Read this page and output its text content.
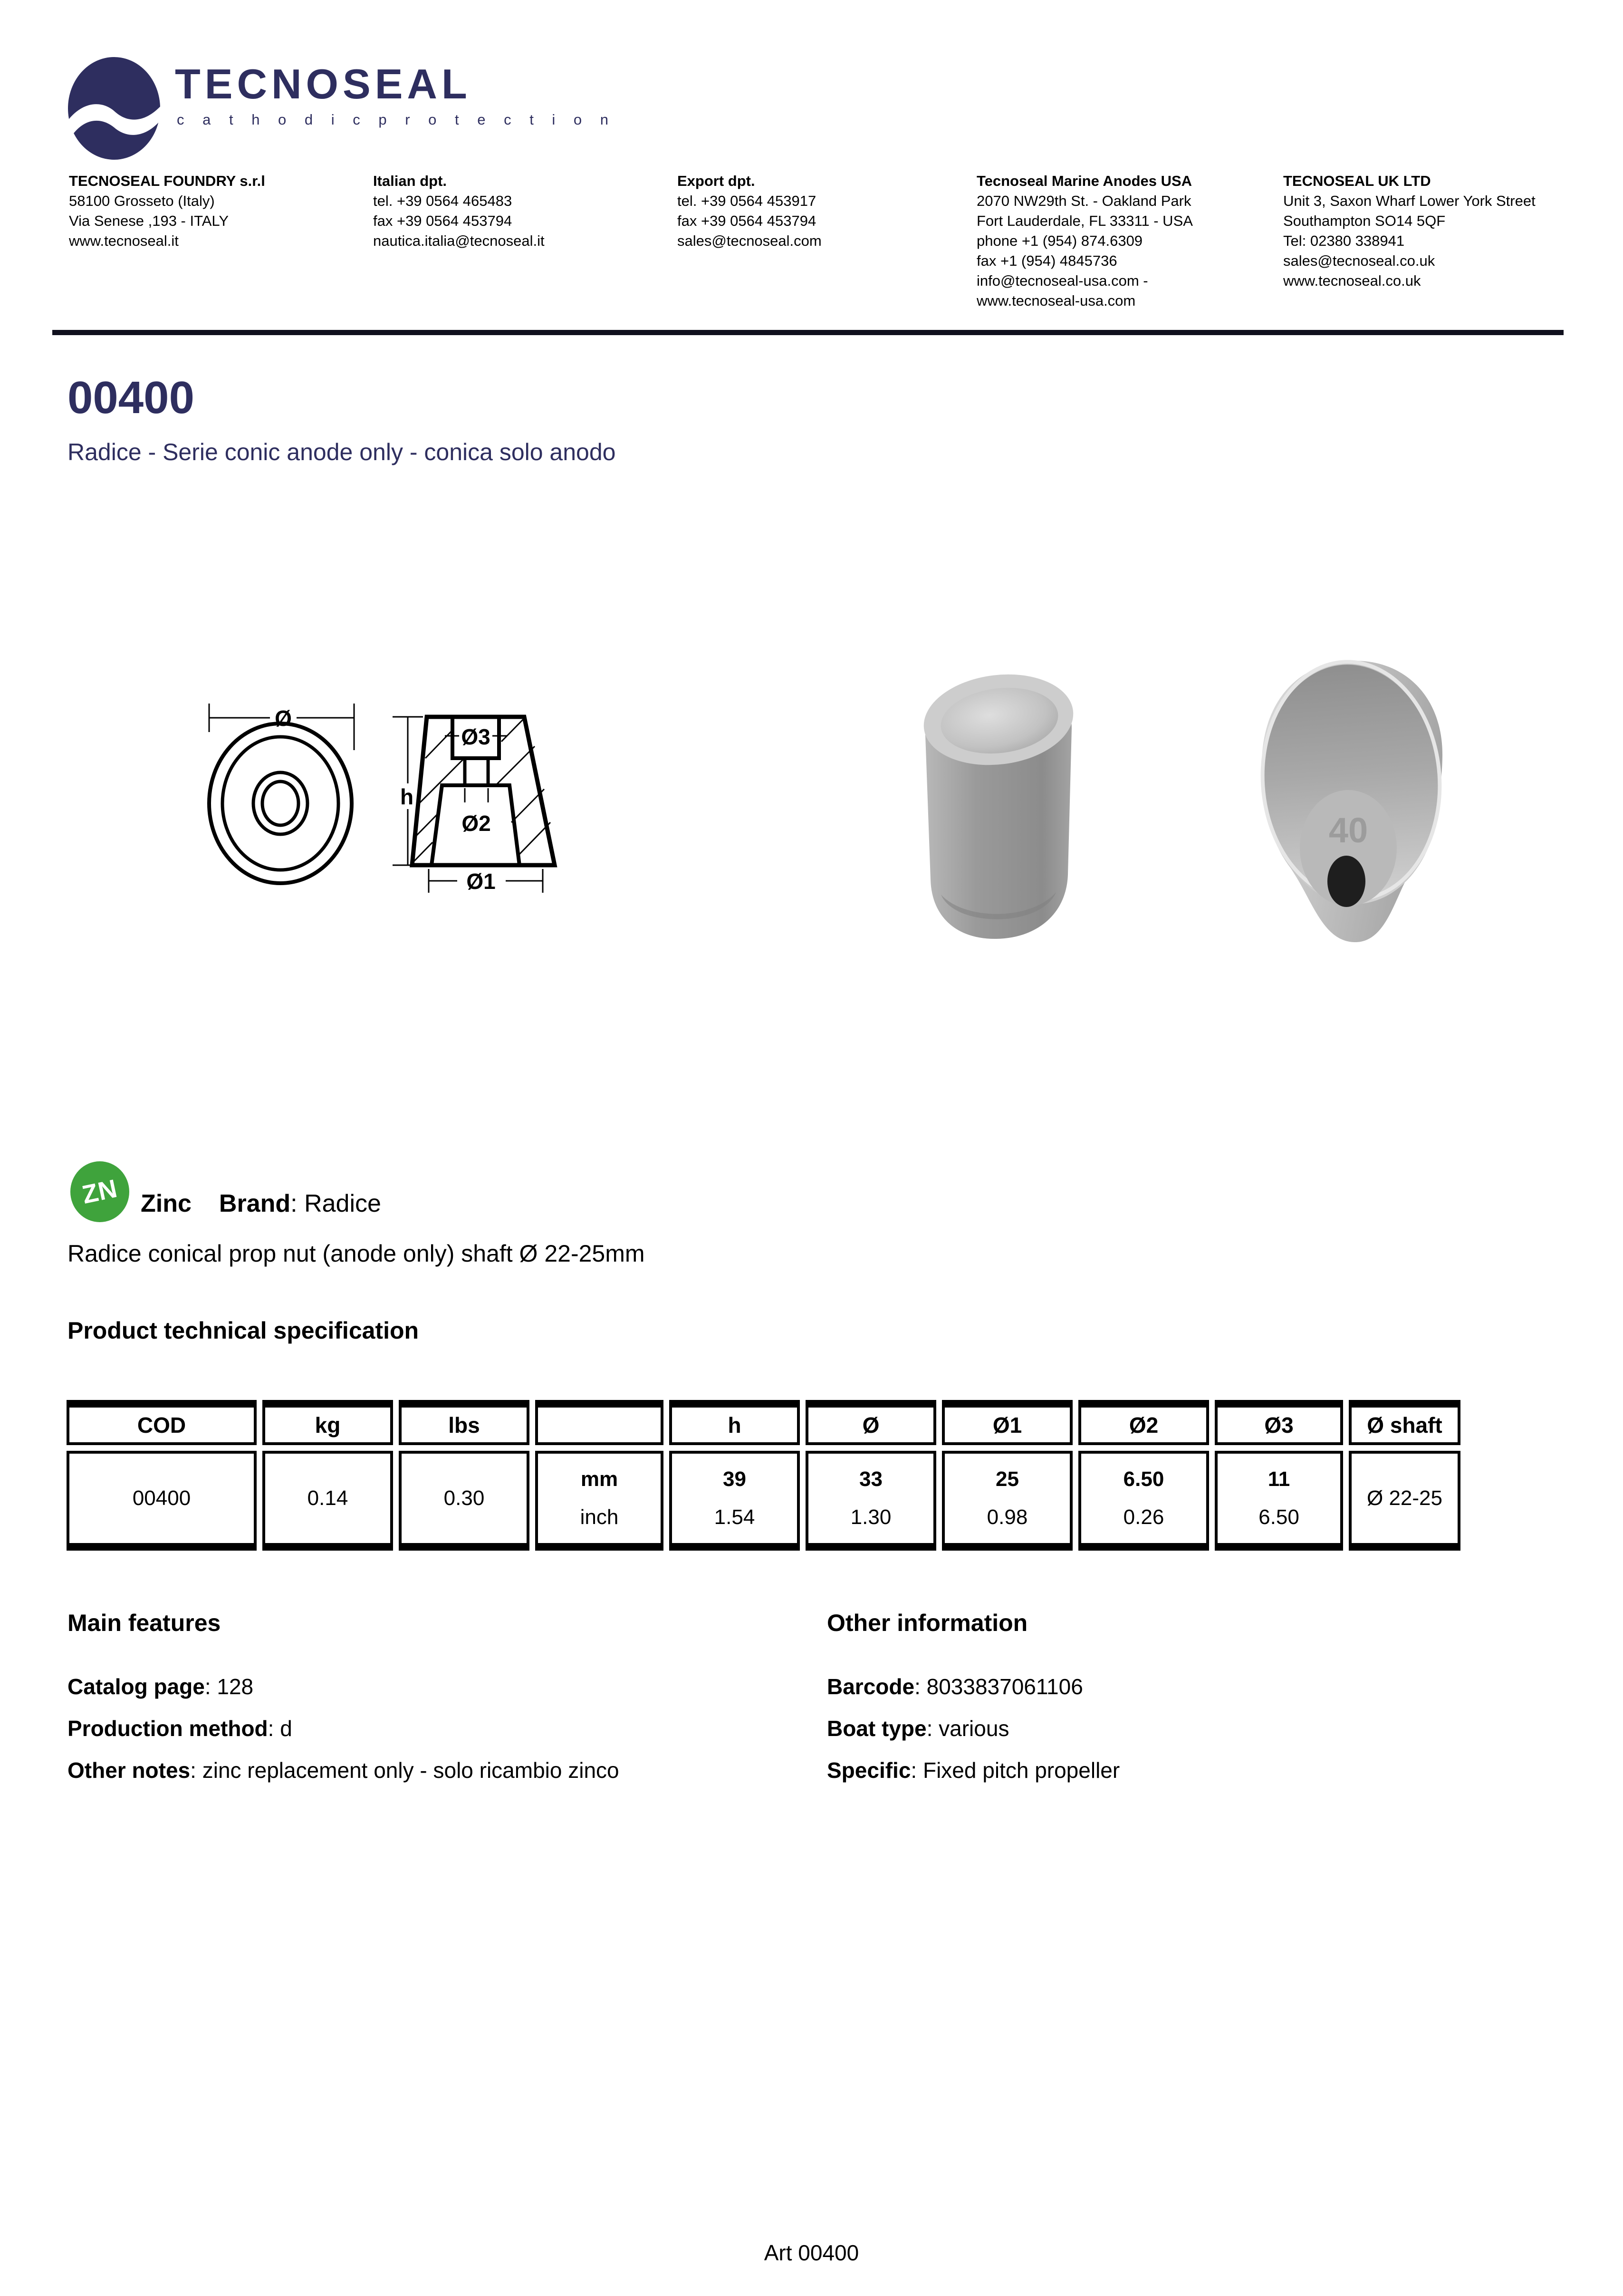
TECNOSEAL
c a t h o d i c p r o t e c t i o n
TECNOSEAL FOUNDRY s.r.l
58100 Grosseto (Italy)
Via Senese ,193 - ITALY
www.tecnoseal.it
Italian dpt.
tel. +39 0564 465483
fax +39 0564 453794
nautica.italia@tecnoseal.it
Export dpt.
tel. +39 0564 453917
fax +39 0564 453794
sales@tecnoseal.com
Tecnoseal Marine Anodes USA
2070 NW29th St. - Oakland Park
Fort Lauderdale, FL 33311 - USA
phone +1 (954) 874.6309
fax +1 (954) 4845736
info@tecnoseal-usa.com -
www.tecnoseal-usa.com
TECNOSEAL UK LTD
Unit 3, Saxon Wharf Lower York Street
Southampton SO14 5QF
Tel: 02380 338941
sales@tecnoseal.co.uk
www.tecnoseal.co.uk
00400
Radice - Serie conic anode only - conica solo anodo
Ø
h
Ø3
Ø2
Ø1
40
ZN Zinc Brand: Radice
Radice conical prop nut (anode only) shaft Ø 22-25mm
Product technical specification
COD
00400
kg
0.14
lbs
0.30
mm
inch
h
39
1.54
Ø
33
1.30
Ø1
25
0.98
Ø2
6.50
0.26
Ø3
11
6.50
Ø shaft
Ø 22-25
Main features
Catalog page: 128
Production method: d
Other notes: zinc replacement only - solo ricambio zinco
Other information
Barcode: 8033837061106
Boat type: various
Specific: Fixed pitch propeller
Art 00400
